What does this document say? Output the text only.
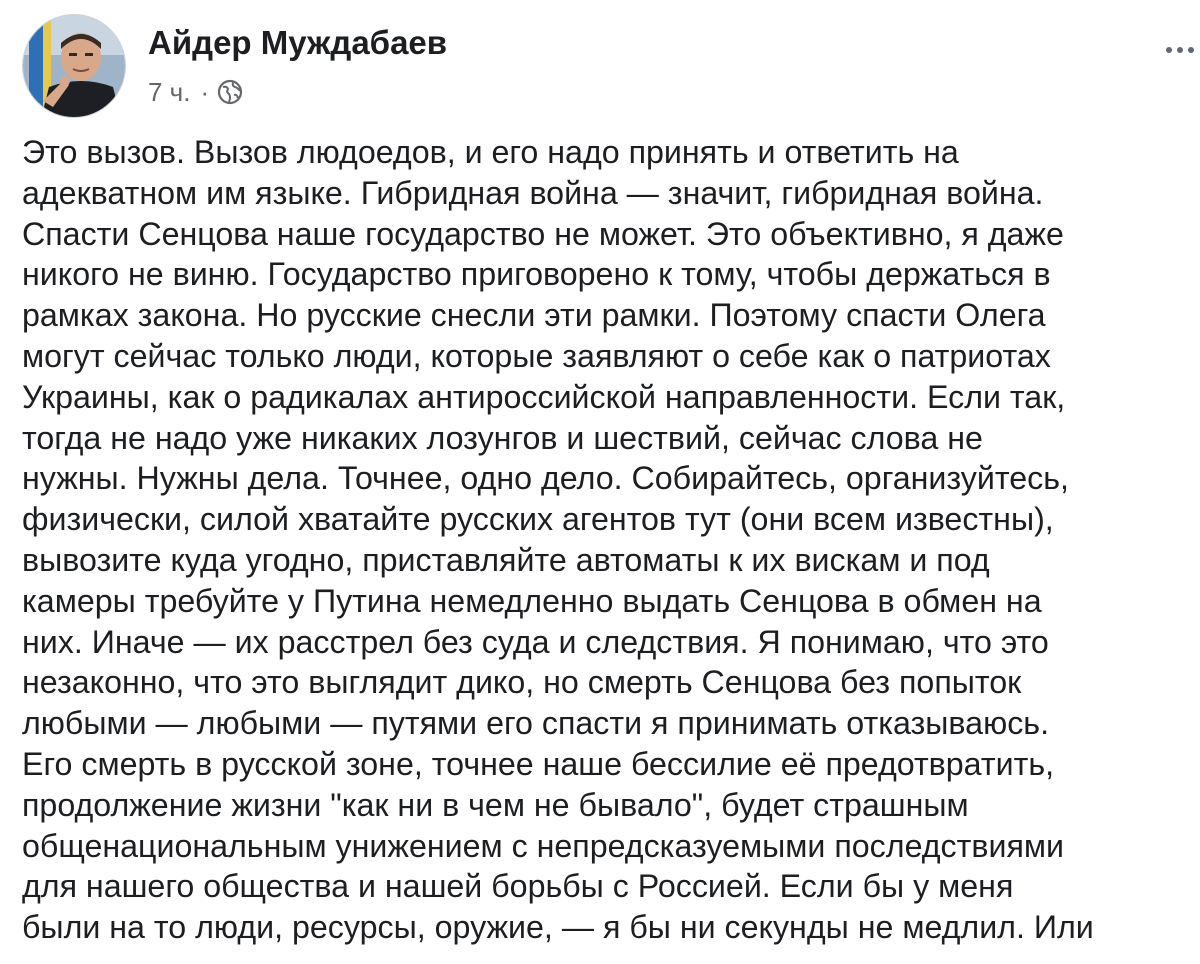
Айдер Муждабаев
7 ч. ·
Это вызов. Вызов людоедов, и его надо принять и ответить на
адекватном им языке. Гибридная война — значит, гибридная война.
Спасти Сенцова наше государство не может. Это объективно, я даже
никого не виню. Государство приговорено к тому, чтобы держаться в
рамках закона. Но русские снесли эти рамки. Поэтому спасти Олега
могут сейчас только люди, которые заявляют о себе как о патриотах
Украины, как о радикалах антироссийской направленности. Если так,
тогда не надо уже никаких лозунгов и шествий, сейчас слова не
нужны. Нужны дела. Точнее, одно дело. Собирайтесь, организуйтесь,
физически, силой хватайте русских агентов тут (они всем известны),
вывозите куда угодно, приставляйте автоматы к их вискам и под
камеры требуйте у Путина немедленно выдать Сенцова в обмен на
них. Иначе — их расстрел без суда и следствия. Я понимаю, что это
незаконно, что это выглядит дико, но смерть Сенцова без попыток
любыми — любыми — путями его спасти я принимать отказываюсь.
Его смерть в русской зоне, точнее наше бессилие её предотвратить,
продолжение жизни "как ни в чем не бывало", будет страшным
общенациональным унижением с непредсказуемыми последствиями
для нашего общества и нашей борьбы с Россией. Если бы у меня
были на то люди, ресурсы, оружие, — я бы ни секунды не медлил. Или
